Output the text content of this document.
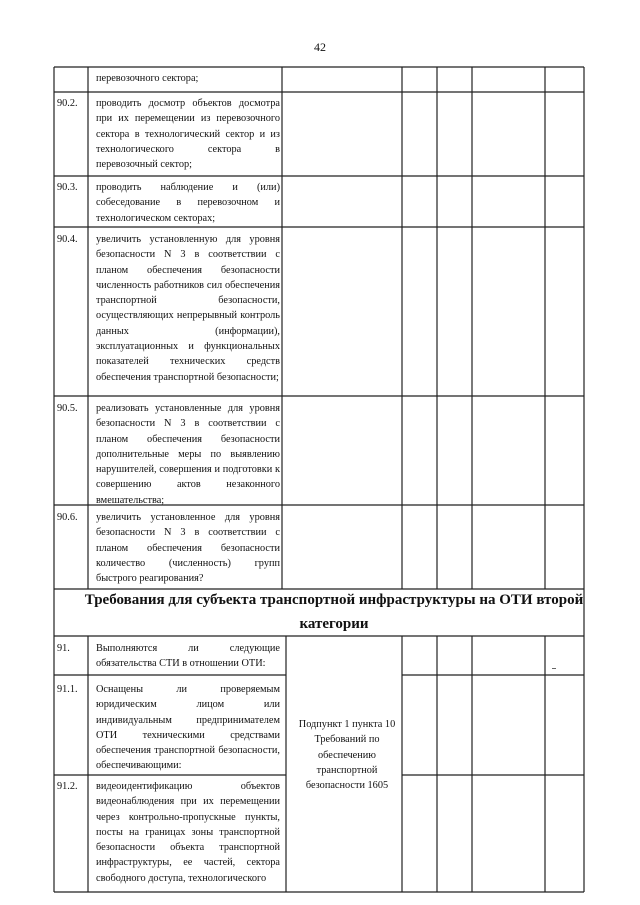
42
перевозочного сектора;
90.2.	проводить досмотр объектов досмотра при их перемещении из перевозочного сектора в технологический сектор и из технологического сектора в перевозочный сектор;
90.3.	проводить наблюдение и (или) собеседование в перевозочном и технологическом секторах;
90.4.	увеличить установленную для уровня безопасности N 3 в соответствии с планом обеспечения безопасности численность работников сил обеспечения транспортной безопасности, осуществляющих непрерывный контроль данных (информации), эксплуатационных и функциональных показателей технических средств обеспечения транспортной безопасности;
90.5.	реализовать установленные для уровня безопасности N 3 в соответствии с планом обеспечения безопасности дополнительные меры по выявлению нарушителей, совершения и подготовки к совершению актов незаконного вмешательства;
90.6.	увеличить установленное для уровня безопасности N 3 в соответствии с планом обеспечения безопасности количество (численность) групп быстрого реагирования?
Требования для субъекта транспортной инфраструктуры на ОТИ второй категории
91.	Выполняются ли следующие обязательства СТИ в отношении ОТИ:
91.1.	Оснащены ли проверяемым юридическим лицом или индивидуальным предпринимателем ОТИ техническими средствами обеспечения транспортной безопасности, обеспечивающими:
91.2.	видеоидентификацию объектов видеонаблюдения при их перемещении через контрольно-пропускные пункты, посты на границах зоны транспортной безопасности объекта транспортной инфраструктуры, ее частей, сектора свободного доступа, технологического
Подпункт 1 пункта 10 Требований по обеспечению транспортной безопасности 1605
